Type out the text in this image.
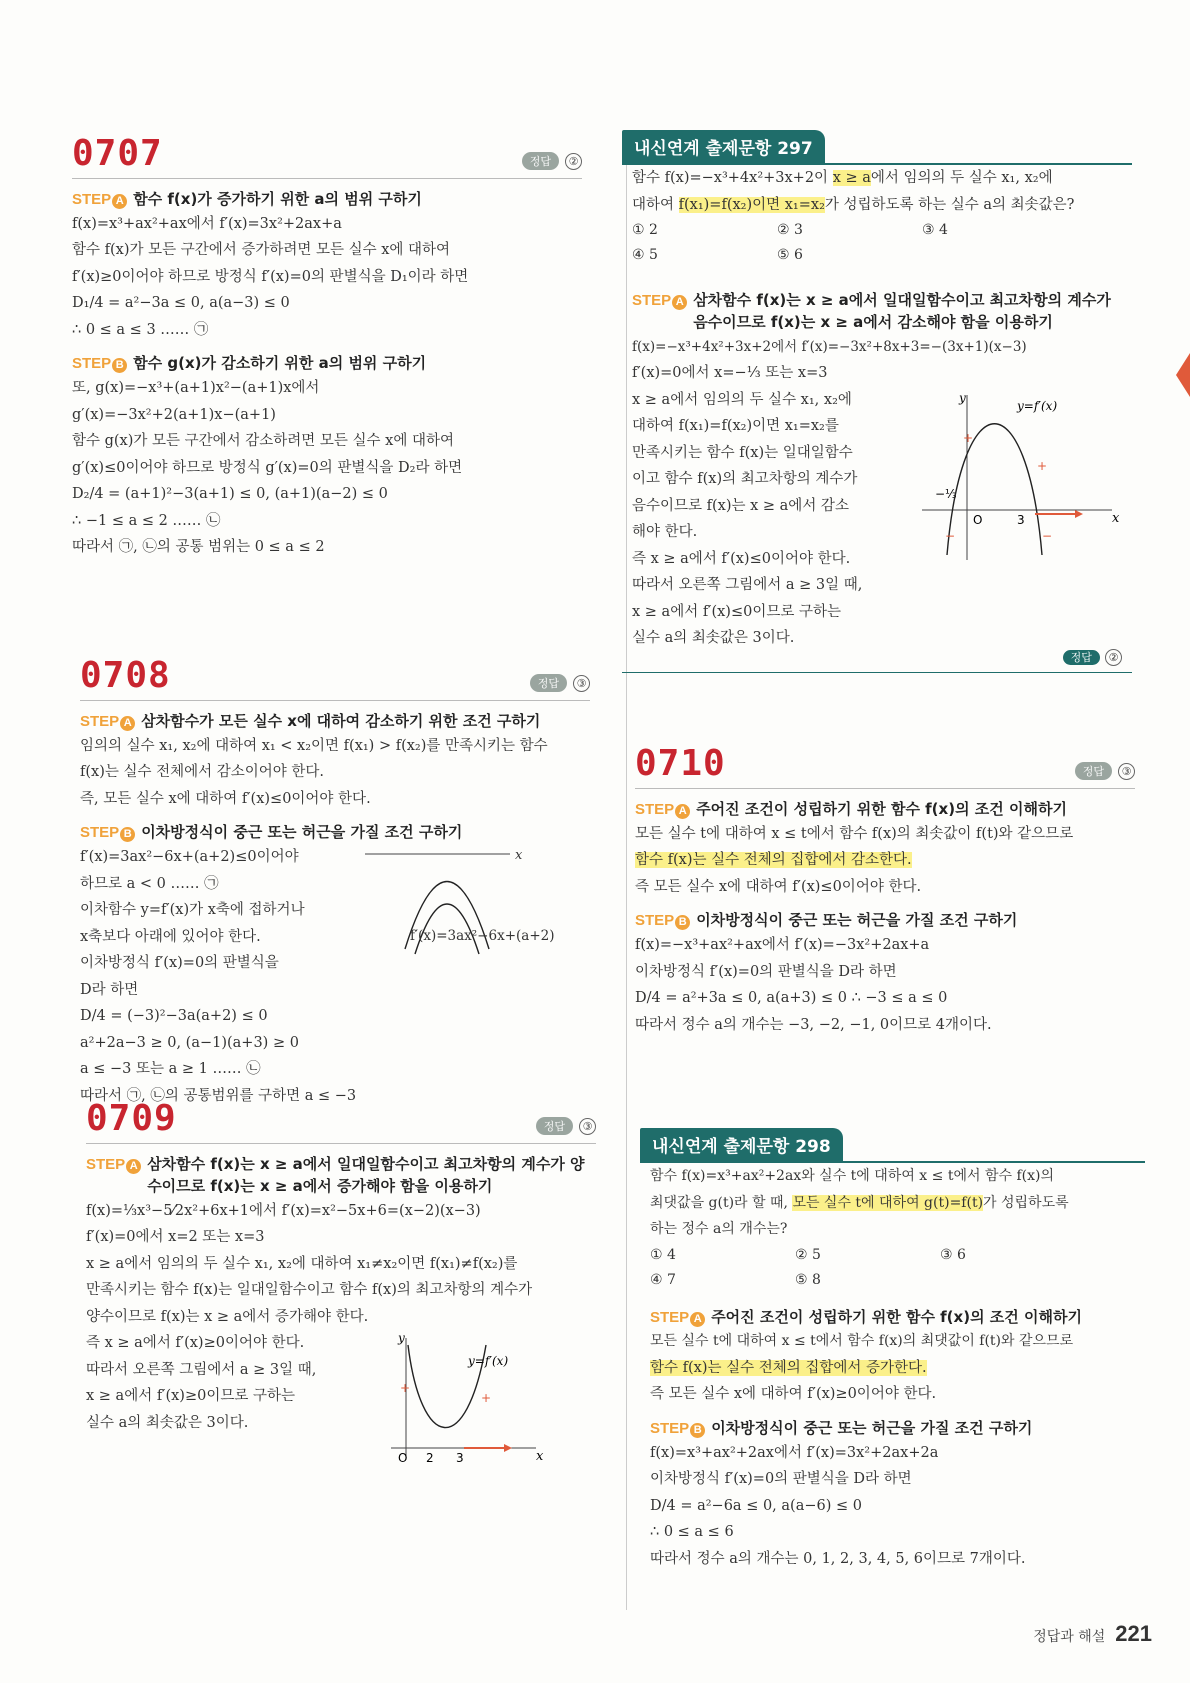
0707	정답	②
STEP A 함수 f(x)가 증가하기 위한 a의 범위 구하기
f(x)=x³+ax²+ax에서 f′(x)=3x²+2ax+a
함수 f(x)가 모든 구간에서 증가하려면 모든 실수 x에 대하여
f′(x)≥0이어야 하므로 방정식 f′(x)=0의 판별식을 D₁이라 하면
D₁/4 = a²−3a ≤ 0, a(a−3) ≤ 0
∴ 0 ≤ a ≤ 3 …… ㉠
STEP B 함수 g(x)가 감소하기 위한 a의 범위 구하기
또, g(x)=−x³+(a+1)x²−(a+1)x에서
g′(x)=−3x²+2(a+1)x−(a+1)
함수 g(x)가 모든 구간에서 감소하려면 모든 실수 x에 대하여
g′(x)≤0이어야 하므로 방정식 g′(x)=0의 판별식을 D₂라 하면
D₂/4 = (a+1)²−3(a+1) ≤ 0, (a+1)(a−2) ≤ 0
∴ −1 ≤ a ≤ 2 …… ㉡
따라서 ㉠, ㉡의 공통 범위는 0 ≤ a ≤ 2
0708	정답	③
STEP A 삼차함수가 모든 실수 x에 대하여 감소하기 위한 조건 구하기
임의의 실수 x₁, x₂에 대하여 x₁ < x₂이면 f(x₁) > f(x₂)를 만족시키는 함수
f(x)는 실수 전체에서 감소이어야 한다.
즉, 모든 실수 x에 대하여 f′(x)≤0이어야 한다.
STEP B 이차방정식이 중근 또는 허근을 가질 조건 구하기
f′(x)=3ax²−6x+(a+2)≤0이어야
하므로 a < 0 …… ㉠
이차함수 y=f′(x)가 x축에 접하거나
x축보다 아래에 있어야 한다.
이차방정식 f′(x)=0의 판별식을
D라 하면
D/4 = (−3)²−3a(a+2) ≤ 0
a²+2a−3 ≥ 0, (a−1)(a+3) ≥ 0
a ≤ −3 또는 a ≥ 1 …… ㉡
따라서 ㉠, ㉡의 공통범위를 구하면 a ≤ −3
x
f′(x)=3ax²−6x+(a+2)
0709	정답	③
STEP A 삼차함수 f(x)는 x ≥ a에서 일대일함수이고 최고차항의 계수가 양수이므로 f(x)는 x ≥ a에서 증가해야 함을 이용하기
f(x)=⅓x³−5⁄2x²+6x+1에서 f′(x)=x²−5x+6=(x−2)(x−3)
f′(x)=0에서 x=2 또는 x=3
x ≥ a에서 임의의 두 실수 x₁, x₂에 대하여 x₁≠x₂이면 f(x₁)≠f(x₂)를
만족시키는 함수 f(x)는 일대일함수이고 함수 f(x)의 최고차항의 계수가
양수이므로 f(x)는 x ≥ a에서 증가해야 한다.
즉 x ≥ a에서 f′(x)≥0이어야 한다.
따라서 오른쪽 그림에서 a ≥ 3일 때,
x ≥ a에서 f′(x)≥0이므로 구하는
실수 a의 최솟값은 3이다.
y
x
O 2 3
y=f′(x)
+
+
내신연계 출제문항 297
함수 f(x)=−x³+4x²+3x+2이 x ≥ a에서 임의의 두 실수 x₁, x₂에
대하여 f(x₁)=f(x₂)이면 x₁=x₂가 성립하도록 하는 실수 a의 최솟값은?
① 2	② 3	③ 4
④ 5	⑤ 6
STEP A 삼차함수 f(x)는 x ≥ a에서 일대일함수이고 최고차항의 계수가 음수이므로 f(x)는 x ≥ a에서 감소해야 함을 이용하기
f(x)=−x³+4x²+3x+2에서 f′(x)=−3x²+8x+3=−(3x+1)(x−3)
f′(x)=0에서 x=−⅓ 또는 x=3
x ≥ a에서 임의의 두 실수 x₁, x₂에
대하여 f(x₁)=f(x₂)이면 x₁=x₂를
만족시키는 함수 f(x)는 일대일함수
이고 함수 f(x)의 최고차항의 계수가
음수이므로 f(x)는 x ≥ a에서 감소
해야 한다.
즉 x ≥ a에서 f′(x)≤0이어야 한다.
따라서 오른쪽 그림에서 a ≥ 3일 때,
x ≥ a에서 f′(x)≤0이므로 구하는
실수 a의 최솟값은 3이다.
y
x
O
−⅓
3
y=f′(x)
+
+
−	−
정답 ②
0710	정답	③
STEP A 주어진 조건이 성립하기 위한 함수 f(x)의 조건 이해하기
모든 실수 t에 대하여 x ≤ t에서 함수 f(x)의 최솟값이 f(t)와 같으므로
함수 f(x)는 실수 전체의 집합에서 감소한다.
즉 모든 실수 x에 대하여 f′(x)≤0이어야 한다.
STEP B 이차방정식이 중근 또는 허근을 가질 조건 구하기
f(x)=−x³+ax²+ax에서 f′(x)=−3x²+2ax+a
이차방정식 f′(x)=0의 판별식을 D라 하면
D/4 = a²+3a ≤ 0, a(a+3) ≤ 0 ∴ −3 ≤ a ≤ 0
따라서 정수 a의 개수는 −3, −2, −1, 0이므로 4개이다.
내신연계 출제문항 298
함수 f(x)=x³+ax²+2ax와 실수 t에 대하여 x ≤ t에서 함수 f(x)의
최댓값을 g(t)라 할 때, 모든 실수 t에 대하여 g(t)=f(t)가 성립하도록
하는 정수 a의 개수는?
① 4	② 5	③ 6
④ 7	⑤ 8
STEP A 주어진 조건이 성립하기 위한 함수 f(x)의 조건 이해하기
모든 실수 t에 대하여 x ≤ t에서 함수 f(x)의 최댓값이 f(t)와 같으므로
함수 f(x)는 실수 전체의 집합에서 증가한다.
즉 모든 실수 x에 대하여 f′(x)≥0이어야 한다.
STEP B 이차방정식이 중근 또는 허근을 가질 조건 구하기
f(x)=x³+ax²+2ax에서 f′(x)=3x²+2ax+2a
이차방정식 f′(x)=0의 판별식을 D라 하면
D/4 = a²−6a ≤ 0, a(a−6) ≤ 0
∴ 0 ≤ a ≤ 6
따라서 정수 a의 개수는 0, 1, 2, 3, 4, 5, 6이므로 7개이다.
정답과 해설 221
